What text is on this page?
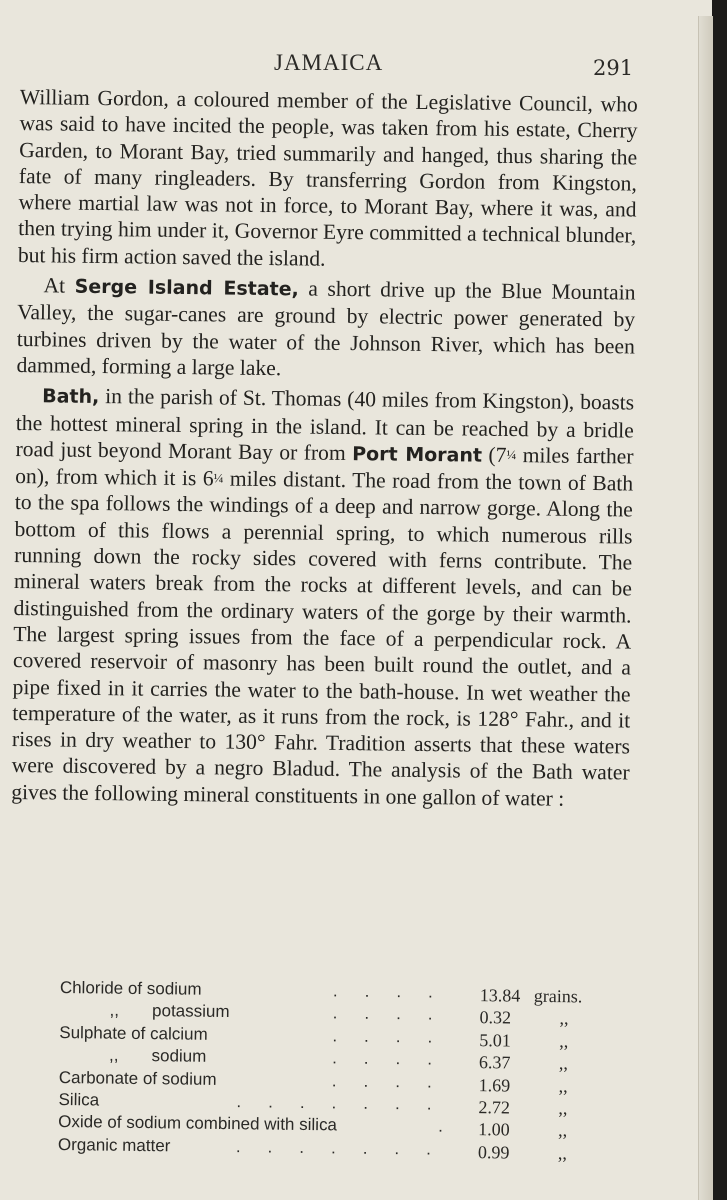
JAMAICA	291

William Gordon, a coloured member of the Legislative Council, who was said to have incited the people, was taken from his estate, Cherry Garden, to Morant Bay, tried summarily and hanged, thus sharing the fate of many ringleaders. By transferring Gordon from Kingston, where martial law was not in force, to Morant Bay, where it was, and then trying him under it, Governor Eyre committed a technical blunder, but his firm action saved the island.

At Serge Island Estate, a short drive up the Blue Mountain Valley, the sugar-canes are ground by electric power generated by turbines driven by the water of the Johnson River, which has been dammed, forming a large lake.

Bath, in the parish of St. Thomas (40 miles from Kingston), boasts the hottest mineral spring in the island. It can be reached by a bridle road just beyond Morant Bay or from Port Morant (7¼ miles farther on), from which it is 6¼ miles distant. The road from the town of Bath to the spa follows the windings of a deep and narrow gorge. Along the bottom of this flows a perennial spring, to which numerous rills running down the rocky sides covered with ferns contribute. The mineral waters break from the rocks at different levels, and can be distinguished from the ordinary waters of the gorge by their warmth. The largest spring issues from the face of a perpendicular rock. A covered reservoir of masonry has been built round the outlet, and a pipe fixed in it carries the water to the bath-house. In wet weather the temperature of the water, as it runs from the rock, is 128° Fahr., and it rises in dry weather to 130° Fahr. Tradition asserts that these waters were discovered by a negro Bladud. The analysis of the Bath water gives the following mineral constituents in one gallon of water :

Chloride of sodium	.... 13.84 grains.
,,       potassium	.... 0.32	,,
Sulphate of calcium	.... 5.01	,,
,,       sodium	.... 6.37	,,
Carbonate of sodium	.... 1.69	,,
Silica	....... 2.72	,,
Oxide of sodium combined with silica	. 1.00	,,
Organic matter	....... 0.99	,,
